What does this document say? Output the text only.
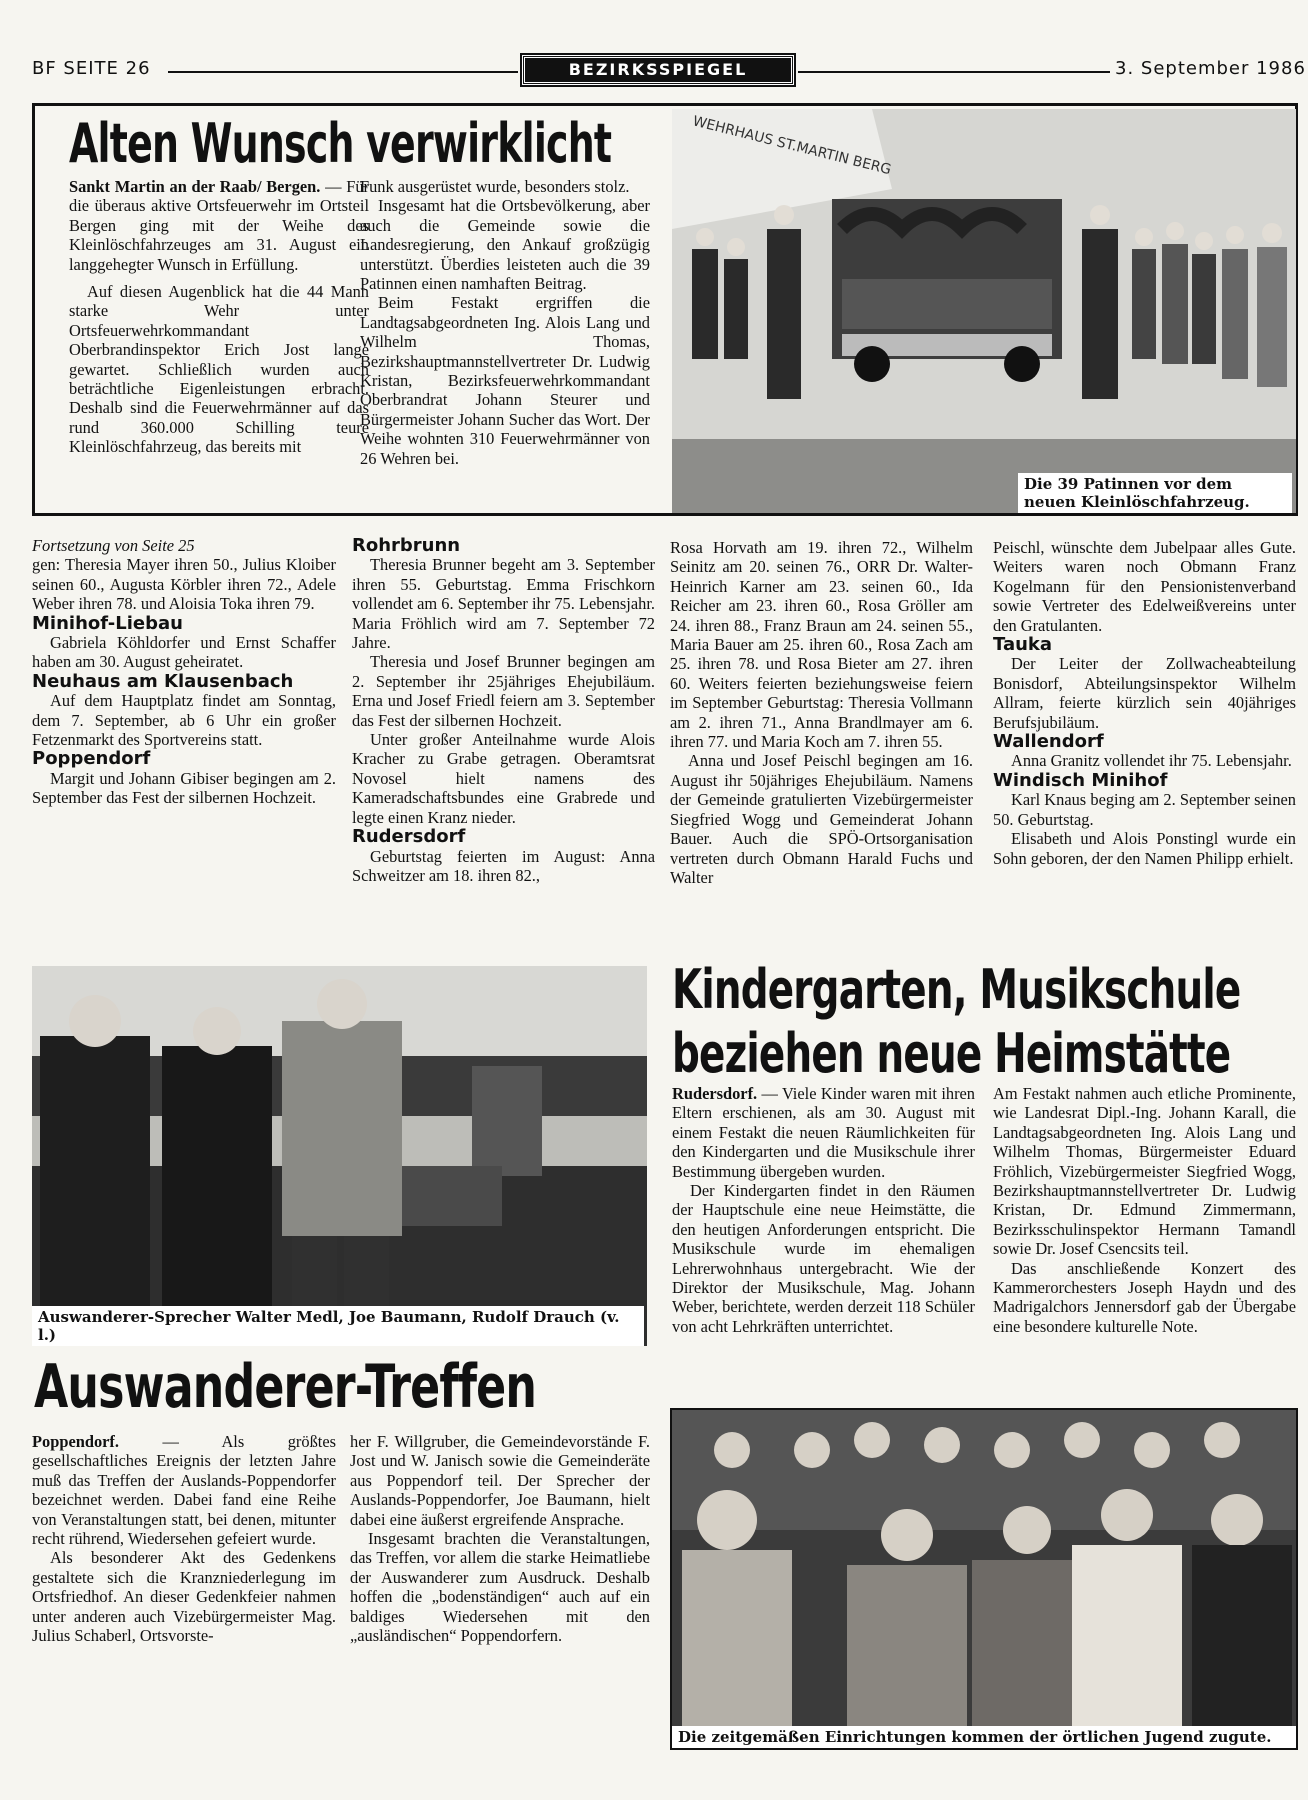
BF SEITE 26	BEZIRKSSPIEGEL	3. September 1986
Alten Wunsch verwirklicht

Sankt Martin an der Raab/ Bergen. — Für die überaus aktive Ortsfeuerwehr im Ortsteil Bergen ging mit der Weihe des Kleinlöschfahrzeuges am 31. August ein langgehegter Wunsch in Erfüllung.

Auf diesen Augenblick hat die 44 Mann starke Wehr unter Ortsfeuerwehrkommandant Oberbrandinspektor Erich Jost lange gewartet. Schließlich wurden auch beträchtliche Eigenleistungen erbracht. Deshalb sind die Feuerwehrmänner auf das rund 360.000 Schilling teure Kleinlöschfahrzeug, das bereits mit

Funk ausgerüstet wurde, besonders stolz.

Insgesamt hat die Ortsbevölkerung, aber auch die Gemeinde sowie die Landesregierung, den Ankauf großzügig unterstützt. Überdies leisteten auch die 39 Patinnen einen namhaften Beitrag.

Beim Festakt ergriffen die Landtagsabgeordneten Ing. Alois Lang und Wilhelm Thomas, Bezirkshauptmannstellvertreter Dr. Ludwig Kristan, Bezirksfeuerwehrkommandant Oberbrandrat Johann Steurer und Bürgermeister Johann Sucher das Wort. Der Weihe wohnten 310 Feuerwehrmänner von 26 Wehren bei.

WEHRHAUS ST.MARTIN BERG
Die 39 Patinnen vor dem neuen Kleinlöschfahrzeug.

Fortsetzung von Seite 25

gen: Theresia Mayer ihren 50., Julius Kloiber seinen 60., Augusta Körbler ihren 72., Adele Weber ihren 78. und Aloisia Toka ihren 79.

Minihof-Liebau

Gabriela Köhldorfer und Ernst Schaffer haben am 30. August geheiratet.

Neuhaus am Klausenbach

Auf dem Hauptplatz findet am Sonntag, dem 7. September, ab 6 Uhr ein großer Fetzenmarkt des Sportvereins statt.

Poppendorf

Margit und Johann Gibiser begingen am 2. September das Fest der silbernen Hochzeit.

Rohrbrunn

Theresia Brunner begeht am 3. September ihren 55. Geburtstag. Emma Frischkorn vollendet am 6. September ihr 75. Lebensjahr. Maria Fröhlich wird am 7. September 72 Jahre.

Theresia und Josef Brunner begingen am 2. September ihr 25jähriges Ehejubiläum. Erna und Josef Friedl feiern am 3. September das Fest der silbernen Hochzeit.

Unter großer Anteilnahme wurde Alois Kracher zu Grabe getragen. Oberamtsrat Novosel hielt namens des Kameradschaftsbundes eine Grabrede und legte einen Kranz nieder.

Rudersdorf

Geburtstag feierten im August: Anna Schweitzer am 18. ihren 82.,

Rosa Horvath am 19. ihren 72., Wilhelm Seinitz am 20. seinen 76., ORR Dr. Walter-Heinrich Karner am 23. seinen 60., Ida Reicher am 23. ihren 60., Rosa Gröller am 24. ihren 88., Franz Braun am 24. seinen 55., Maria Bauer am 25. ihren 60., Rosa Zach am 25. ihren 78. und Rosa Bieter am 27. ihren 60. Weiters feierten beziehungsweise feiern im September Geburtstag: Theresia Vollmann am 2. ihren 71., Anna Brandlmayer am 6. ihren 77. und Maria Koch am 7. ihren 55.

Anna und Josef Peischl begingen am 16. August ihr 50jähriges Ehejubiläum. Namens der Gemeinde gratulierten Vizebürgermeister Siegfried Wogg und Gemeinderat Johann Bauer. Auch die SPÖ-Ortsorganisation vertreten durch Obmann Harald Fuchs und Walter

Peischl, wünschte dem Jubelpaar alles Gute. Weiters waren noch Obmann Franz Kogelmann für den Pensionistenverband sowie Vertreter des Edelweißvereins unter den Gratulanten.

Tauka

Der Leiter der Zollwacheabteilung Bonisdorf, Abteilungsinspektor Wilhelm Allram, feierte kürzlich sein 40jähriges Berufsjubiläum.

Wallendorf

Anna Granitz vollendet ihr 75. Lebensjahr.

Windisch Minihof

Karl Knaus beging am 2. September seinen 50. Geburtstag.

Elisabeth und Alois Ponstingl wurde ein Sohn geboren, der den Namen Philipp erhielt.

Auswanderer-Sprecher Walter Medl, Joe Baumann, Rudolf Drauch (v. l.)
Auswanderer-Treffen

Poppendorf. — Als größtes gesellschaftliches Ereignis der letzten Jahre muß das Treffen der Auslands-Poppendorfer bezeichnet werden. Dabei fand eine Reihe von Veranstaltungen statt, bei denen, mitunter recht rührend, Wiedersehen gefeiert wurde.

Als besonderer Akt des Gedenkens gestaltete sich die Kranzniederlegung im Ortsfriedhof. An dieser Gedenkfeier nahmen unter anderen auch Vizebürgermeister Mag. Julius Schaberl, Ortsvorste-

her F. Willgruber, die Gemeindevorstände F. Jost und W. Janisch sowie die Gemeinderäte aus Poppendorf teil. Der Sprecher der Auslands-Poppendorfer, Joe Baumann, hielt dabei eine äußerst ergreifende Ansprache.

Insgesamt brachten die Veranstaltungen, das Treffen, vor allem die starke Heimatliebe der Auswanderer zum Ausdruck. Deshalb hoffen die „bodenständigen“ auch auf ein baldiges Wiedersehen mit den „ausländischen“ Poppendorfern.

Kindergarten, Musikschule
beziehen neue Heimstätte

Rudersdorf. — Viele Kinder waren mit ihren Eltern erschienen, als am 30. August mit einem Festakt die neuen Räumlichkeiten für den Kindergarten und die Musikschule ihrer Bestimmung übergeben wurden.

Der Kindergarten findet in den Räumen der Hauptschule eine neue Heimstätte, die den heutigen Anforderungen entspricht. Die Musikschule wurde im ehemaligen Lehrerwohnhaus untergebracht. Wie der Direktor der Musikschule, Mag. Johann Weber, berichtete, werden derzeit 118 Schüler von acht Lehrkräften unterrichtet.

Am Festakt nahmen auch etliche Prominente, wie Landesrat Dipl.-Ing. Johann Karall, die Landtagsabgeordneten Ing. Alois Lang und Wilhelm Thomas, Bürgermeister Eduard Fröhlich, Vizebürgermeister Siegfried Wogg, Bezirkshauptmannstellvertreter Dr. Ludwig Kristan, Dr. Edmund Zimmermann, Bezirksschulinspektor Hermann Tamandl sowie Dr. Josef Csencsits teil.

Das anschließende Konzert des Kammerorchesters Joseph Haydn und des Madrigalchors Jennersdorf gab der Übergabe eine besondere kulturelle Note.

Die zeitgemäßen Einrichtungen kommen der örtlichen Jugend zugute.
